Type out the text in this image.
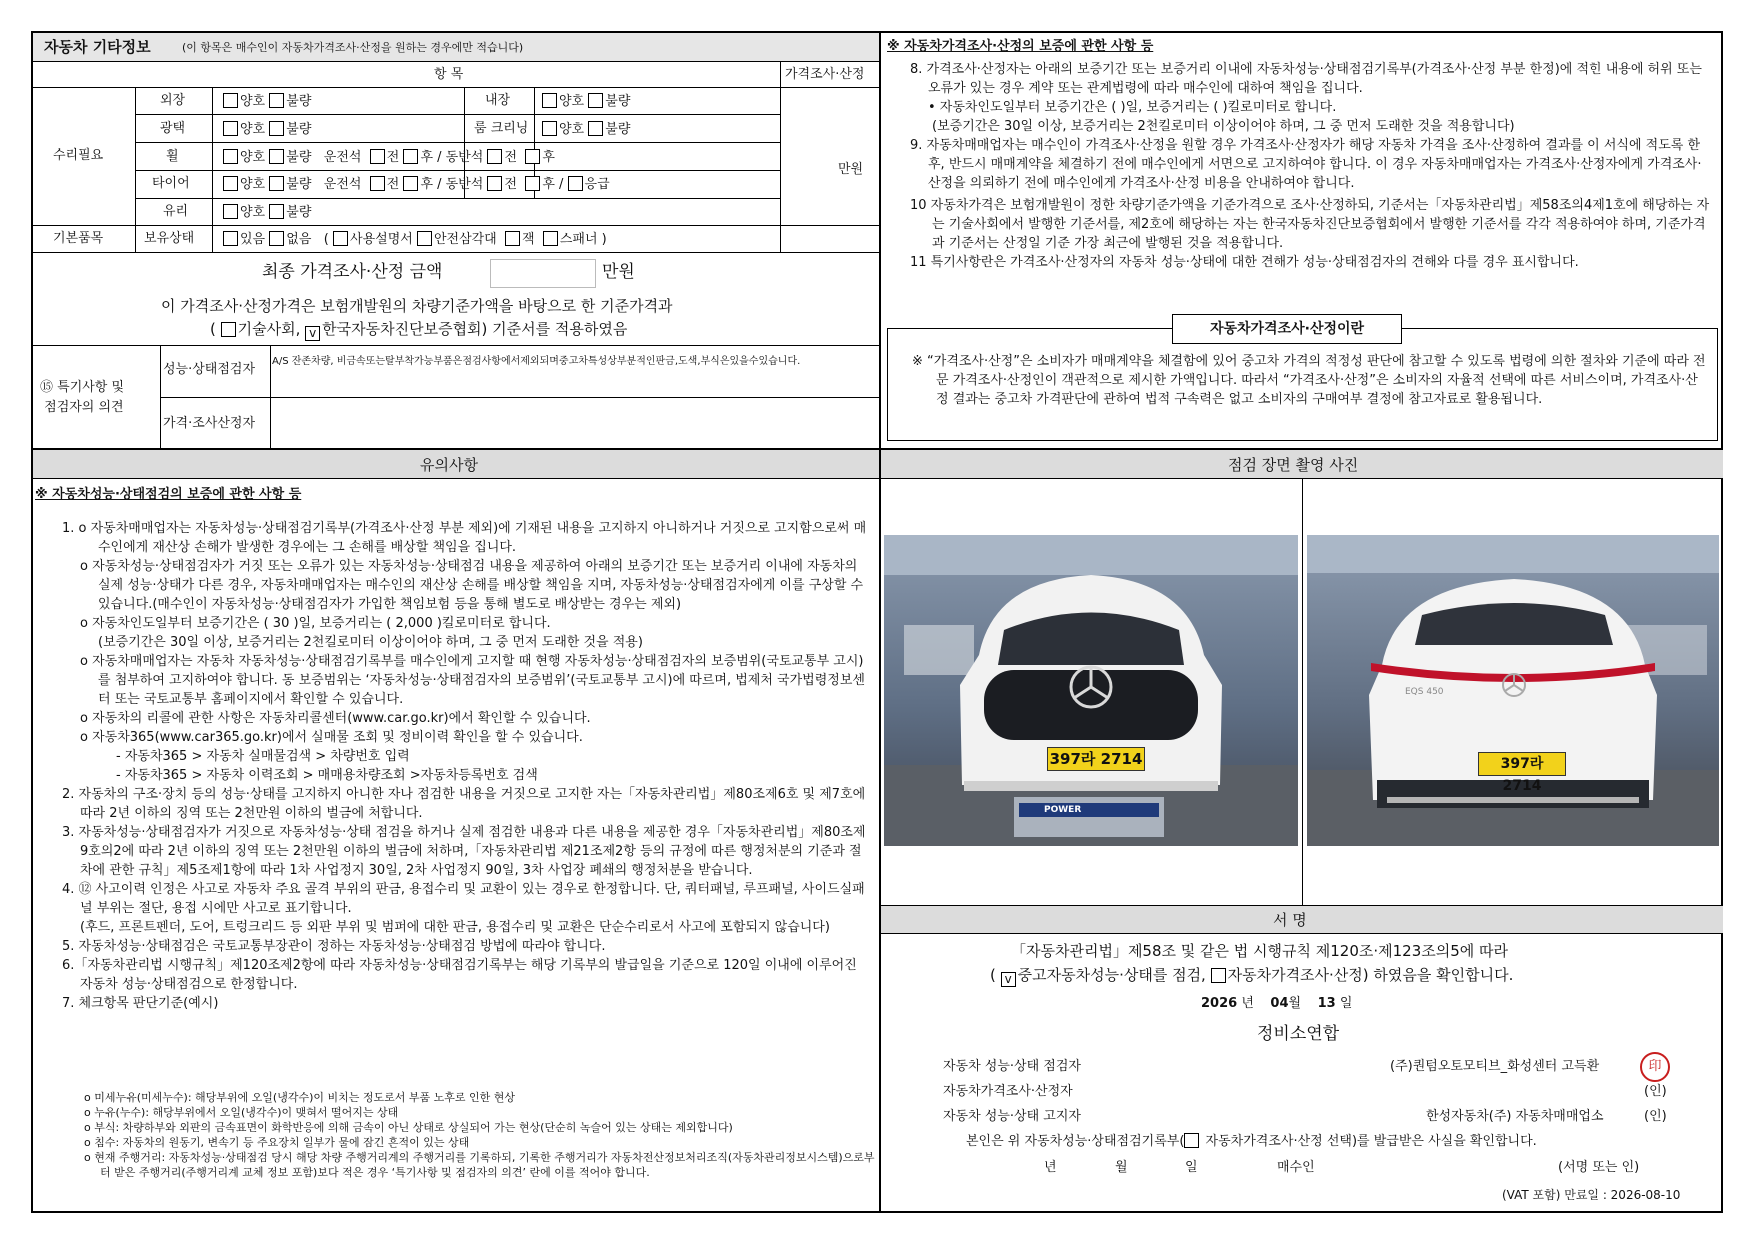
자동차 기타정보	(이 항목은 매수인이 자동차가격조사·산정을 원하는 경우에만 적습니다)
항 목	가격조사·산정
수리필요
기본품목
만원
외장	양호 불량	내장	양호 불량
광택	양호 불량	룸 크리닝	양호 불량
휠	양호 불량 운전석 전 후 / 동반석 전 후
타이어	양호 불량 운전석 전 후 / 동반석 전 후 / 응급
유리	양호 불량
보유상태	있음 없음 ( 사용설명서 안전삼각대 잭 스패너 )
최종 가격조사·산정 금액	만원
이 가격조사·산정가격은 보험개발원의 차량기준가액을 바탕으로 한 기준가격과
( 기술사회, v 한국자동차진단보증협회) 기준서를 적용하였음
⑮ 특기사항 및
점검자의 의견
성능·상태점검자
A/S 잔존차량, 비금속또는탈부착가능부품은점검사항에서제외되며중고차특성상부분적인판금,도색,부식은있을수있습니다.
가격·조사산정자
※ 자동차가격조사·산정의 보증에 관한 사항 등
8. 가격조사·산정자는 아래의 보증기간 또는 보증거리 이내에 자동차성능·상태점검기록부(가격조사·산정 부분 한정)에 적힌 내용에 허위 또는 오류가 있는 경우 계약 또는 관계법령에 따라 매수인에 대하여 책임을 집니다.
• 자동차인도일부터 보증기간은 ( )일, 보증거리는 ( )킬로미터로 합니다.
(보증기간은 30일 이상, 보증거리는 2천킬로미터 이상이어야 하며, 그 중 먼저 도래한 것을 적용합니다)
9. 자동차매매업자는 매수인이 가격조사·산정을 원할 경우 가격조사·산정자가 해당 자동차 가격을 조사·산정하여 결과를 이 서식에 적도록 한 후, 반드시 매매계약을 체결하기 전에 매수인에게 서면으로 고지하여야 합니다. 이 경우 자동차매매업자는 가격조사·산정자에게 가격조사·산정을 의뢰하기 전에 매수인에게 가격조사·산정 비용을 안내하여야 합니다.
10 자동차가격은 보험개발원이 정한 차량기준가액을 기준가격으로 조사·산정하되, 기준서는「자동차관리법」제58조의4제1호에 해당하는 자는 기술사회에서 발행한 기준서를, 제2호에 해당하는 자는 한국자동차진단보증협회에서 발행한 기준서를 각각 적용하여야 하며, 기준가격과 기준서는 산정일 기준 가장 최근에 발행된 것을 적용합니다.
11 특기사항란은 가격조사·산정자의 자동차 성능·상태에 대한 견해가 성능·상태점검자의 견해와 다를 경우 표시합니다.
자동차가격조사·산정이란
※ “가격조사·산정”은 소비자가 매매계약을 체결함에 있어 중고차 가격의 적정성 판단에 참고할 수 있도록 법령에 의한 절차와 기준에 따라 전문 가격조사·산정인이 객관적으로 제시한 가액입니다. 따라서 “가격조사·산정”은 소비자의 자율적 선택에 따른 서비스이며, 가격조사·산정 결과는 중고차 가격판단에 관하여 법적 구속력은 없고 소비자의 구매여부 결정에 참고자료로 활용됩니다.
유의사항	점검 장면 촬영 사진
※ 자동차성능·상태점검의 보증에 관한 사항 등
1. o 자동차매매업자는 자동차성능·상태점검기록부(가격조사·산정 부분 제외)에 기재된 내용을 고지하지 아니하거나 거짓으로 고지함으로써 매수인에게 재산상 손해가 발생한 경우에는 그 손해를 배상할 책임을 집니다.
o 자동차성능·상태점검자가 거짓 또는 오류가 있는 자동차성능·상태점검 내용을 제공하여 아래의 보증기간 또는 보증거리 이내에 자동차의 실제 성능·상태가 다른 경우, 자동차매매업자는 매수인의 재산상 손해를 배상할 책임을 지며, 자동차성능·상태점검자에게 이를 구상할 수 있습니다.(매수인이 자동차성능·상태점검자가 가입한 책임보험 등을 통해 별도로 배상받는 경우는 제외)
o 자동차인도일부터 보증기간은 ( 30 )일, 보증거리는 ( 2,000 )킬로미터로 합니다.
(보증기간은 30일 이상, 보증거리는 2천킬로미터 이상이어야 하며, 그 중 먼저 도래한 것을 적용)
o 자동차매매업자는 자동차 자동차성능·상태점검기록부를 매수인에게 고지할 때 현행 자동차성능·상태점검자의 보증범위(국토교통부 고시)를 첨부하여 고지하여야 합니다. 동 보증범위는 ‘자동차성능·상태점검자의 보증범위’(국토교통부 고시)에 따르며, 법제처 국가법령정보센터 또는 국토교통부 홈페이지에서 확인할 수 있습니다.
o 자동차의 리콜에 관한 사항은 자동차리콜센터(www.car.go.kr)에서 확인할 수 있습니다.
o 자동차365(www.car365.go.kr)에서 실매물 조회 및 정비이력 확인을 할 수 있습니다.
- 자동차365 > 자동차 실매물검색 > 차량번호 입력
- 자동차365 > 자동차 이력조회 > 매매용차량조회 >자동차등록번호 검색
2. 자동차의 구조·장치 등의 성능·상태를 고지하지 아니한 자나 점검한 내용을 거짓으로 고지한 자는「자동차관리법」제80조제6호 및 제7호에 따라 2년 이하의 징역 또는 2천만원 이하의 벌금에 처합니다.
3. 자동차성능·상태점검자가 거짓으로 자동차성능·상태 점검을 하거나 실제 점검한 내용과 다른 내용을 제공한 경우「자동차관리법」제80조제9호의2에 따라 2년 이하의 징역 또는 2천만원 이하의 벌금에 처하며,「자동차관리법 제21조제2항 등의 규정에 따른 행정처분의 기준과 절차에 관한 규칙」제5조제1항에 따라 1차 사업정지 30일, 2차 사업정지 90일, 3차 사업장 폐쇄의 행정처분을 받습니다.
4. ⑫ 사고이력 인정은 사고로 자동차 주요 골격 부위의 판금, 용접수리 및 교환이 있는 경우로 한정합니다. 단, 쿼터패널, 루프패널, 사이드실패널 부위는 절단, 용접 시에만 사고로 표기합니다.
(후드, 프론트펜더, 도어, 트렁크리드 등 외판 부위 및 범퍼에 대한 판금, 용접수리 및 교환은 단순수리로서 사고에 포함되지 않습니다)
5. 자동차성능·상태점검은 국토교통부장관이 정하는 자동차성능·상태점검 방법에 따라야 합니다.
6.「자동차관리법 시행규칙」제120조제2항에 따라 자동차성능·상태점검기록부는 해당 기록부의 발급일을 기준으로 120일 이내에 이루어진 자동차 성능·상태점검으로 한정합니다.
7. 체크항목 판단기준(예시)
o 미세누유(미세누수): 해당부위에 오일(냉각수)이 비치는 정도로서 부품 노후로 인한 현상
o 누유(누수): 해당부위에서 오일(냉각수)이 맺혀서 떨어지는 상태
o 부식: 차량하부와 외판의 금속표면이 화학반응에 의해 금속이 아닌 상태로 상실되어 가는 현상(단순히 녹슬어 있는 상태는 제외합니다)
o 침수: 자동차의 원동기, 변속기 등 주요장치 일부가 물에 잠긴 흔적이 있는 상태
o 현재 주행거리: 자동차성능·상태점검 당시 해당 차량 주행거리계의 주행거리를 기록하되, 기록한 주행거리가 자동차전산정보처리조직(자동차관리정보시스템)으로부터 받은 주행거리(주행거리계 교체 정보 포함)보다 적은 경우 ‘특기사항 및 점검자의 의견’ 란에 이를 적어야 합니다.
397라 2714
POWER
EQS 450
397라 2714
서 명
「자동차관리법」제58조 및 같은 법 시행규칙 제120조·제123조의5에 따라
( v 중고자동차성능·상태를 점검, 자동차가격조사·산정) 하였음을 확인합니다.
2026 년 04월 13 일
정비소연합
자동차 성능·상태 점검자	(주)퀀텀오토모티브_화성센터 고득환	印
자동차가격조사·산정자	(인)
자동차 성능·상태 고지자	한성자동차(주) 자동차매매업소	(인)
본인은 위 자동차성능·상태점검기록부( 자동차가격조사·산정 선택)를 발급받은 사실을 확인합니다.
년	월	일	매수인	(서명 또는 인)
(VAT 포함) 만료일 : 2026-08-10
